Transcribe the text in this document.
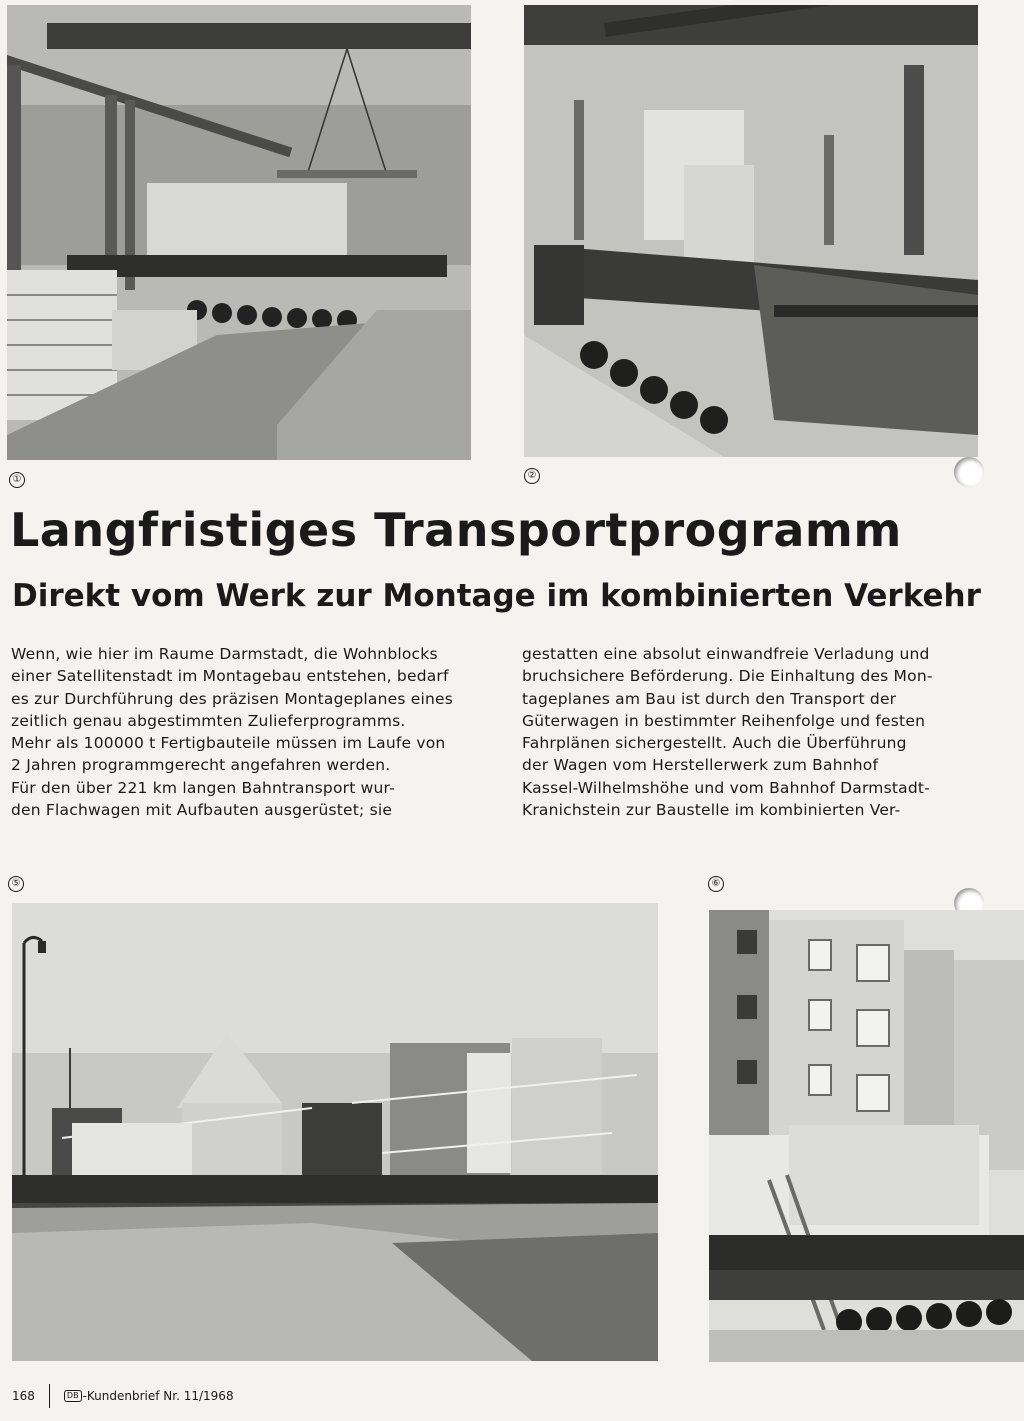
①	②
Langfristiges Transportprogramm
Direkt vom Werk zur Montage im kombinierten Verkehr

Wenn, wie hier im Raume Darmstadt, die Wohnblocks

einer Satellitenstadt im Montagebau entstehen, bedarf

es zur Durchführung des präzisen Montageplanes eines

zeitlich genau abgestimmten Zulieferprogramms.

Mehr als 100000 t Fertigbauteile müssen im Laufe von

2 Jahren programmgerecht angefahren werden.

Für den über 221 km langen Bahntransport wur-

den Flachwagen mit Aufbauten ausgerüstet; sie

gestatten eine absolut einwandfreie Verladung und

bruchsichere Beförderung. Die Einhaltung des Mon-

tageplanes am Bau ist durch den Transport der

Güterwagen in bestimmter Reihenfolge und festen

Fahrplänen sichergestellt. Auch die Überführung

der Wagen vom Herstellerwerk zum Bahnhof

Kassel-Wilhelmshöhe und vom Bahnhof Darmstadt-

Kranichstein zur Baustelle im kombinierten Ver-

⑤	⑥
168	DB -Kundenbrief Nr. 11/1968
